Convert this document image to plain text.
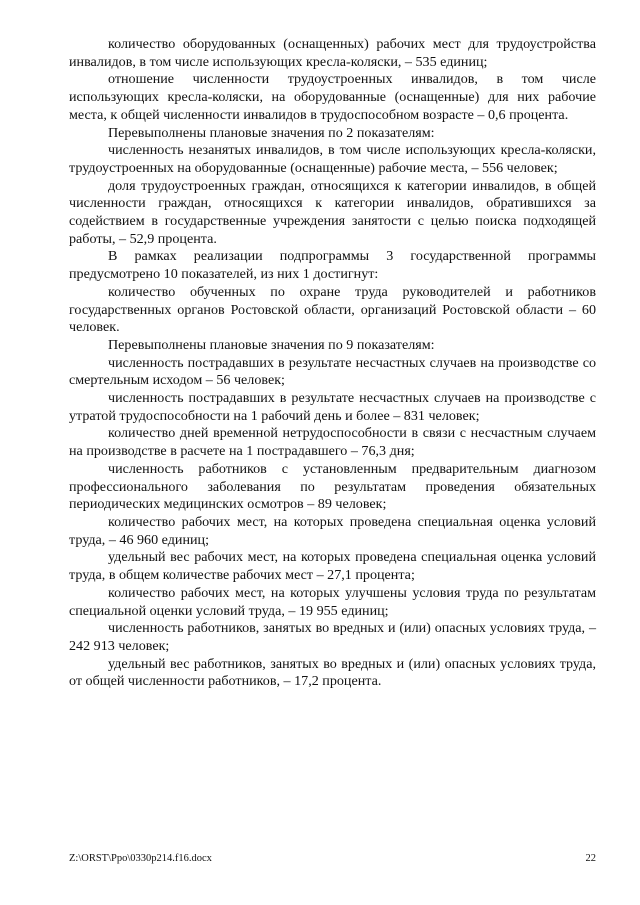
количество оборудованных (оснащенных) рабочих мест для трудоустройства инвалидов, в том числе использующих кресла-коляски, – 535 единиц;

отношение численности трудоустроенных инвалидов, в том числе использующих кресла-коляски, на оборудованные (оснащенные) для них рабочие места, к общей численности инвалидов в трудоспособном возрасте – 0,6 процента.

Перевыполнены плановые значения по 2 показателям:

численность незанятых инвалидов, в том числе использующих кресла-коляски, трудоустроенных на оборудованные (оснащенные) рабочие места, – 556 человек;

доля трудоустроенных граждан, относящихся к категории инвалидов, в общей численности граждан, относящихся к категории инвалидов, обратившихся за содействием в государственные учреждения занятости с целью поиска подходящей работы, – 52,9 процента.

В рамках реализации подпрограммы 3 государственной программы предусмотрено 10 показателей, из них 1 достигнут:

количество обученных по охране труда руководителей и работников государственных органов Ростовской области, организаций Ростовской области – 60 человек.

Перевыполнены плановые значения по 9 показателям:

численность пострадавших в результате несчастных случаев на производстве со смертельным исходом – 56 человек;

численность пострадавших в результате несчастных случаев на производстве с утратой трудоспособности на 1 рабочий день и более – 831 человек;

количество дней временной нетрудоспособности в связи с несчастным случаем на производстве в расчете на 1 пострадавшего – 76,3 дня;

численность работников с установленным предварительным диагнозом профессионального заболевания по результатам проведения обязательных периодических медицинских осмотров – 89 человек;

количество рабочих мест, на которых проведена специальная оценка условий труда, – 46 960 единиц;

удельный вес рабочих мест, на которых проведена специальная оценка условий труда, в общем количестве рабочих мест – 27,1 процента;

количество рабочих мест, на которых улучшены условия труда по результатам специальной оценки условий труда, – 19 955 единиц;

численность работников, занятых во вредных и (или) опасных условиях труда, – 242 913 человек;

удельный вес работников, занятых во вредных и (или) опасных условиях труда, от общей численности работников, – 17,2 процента.

Z:\ORST\Ppo\0330p214.f16.docx	22
